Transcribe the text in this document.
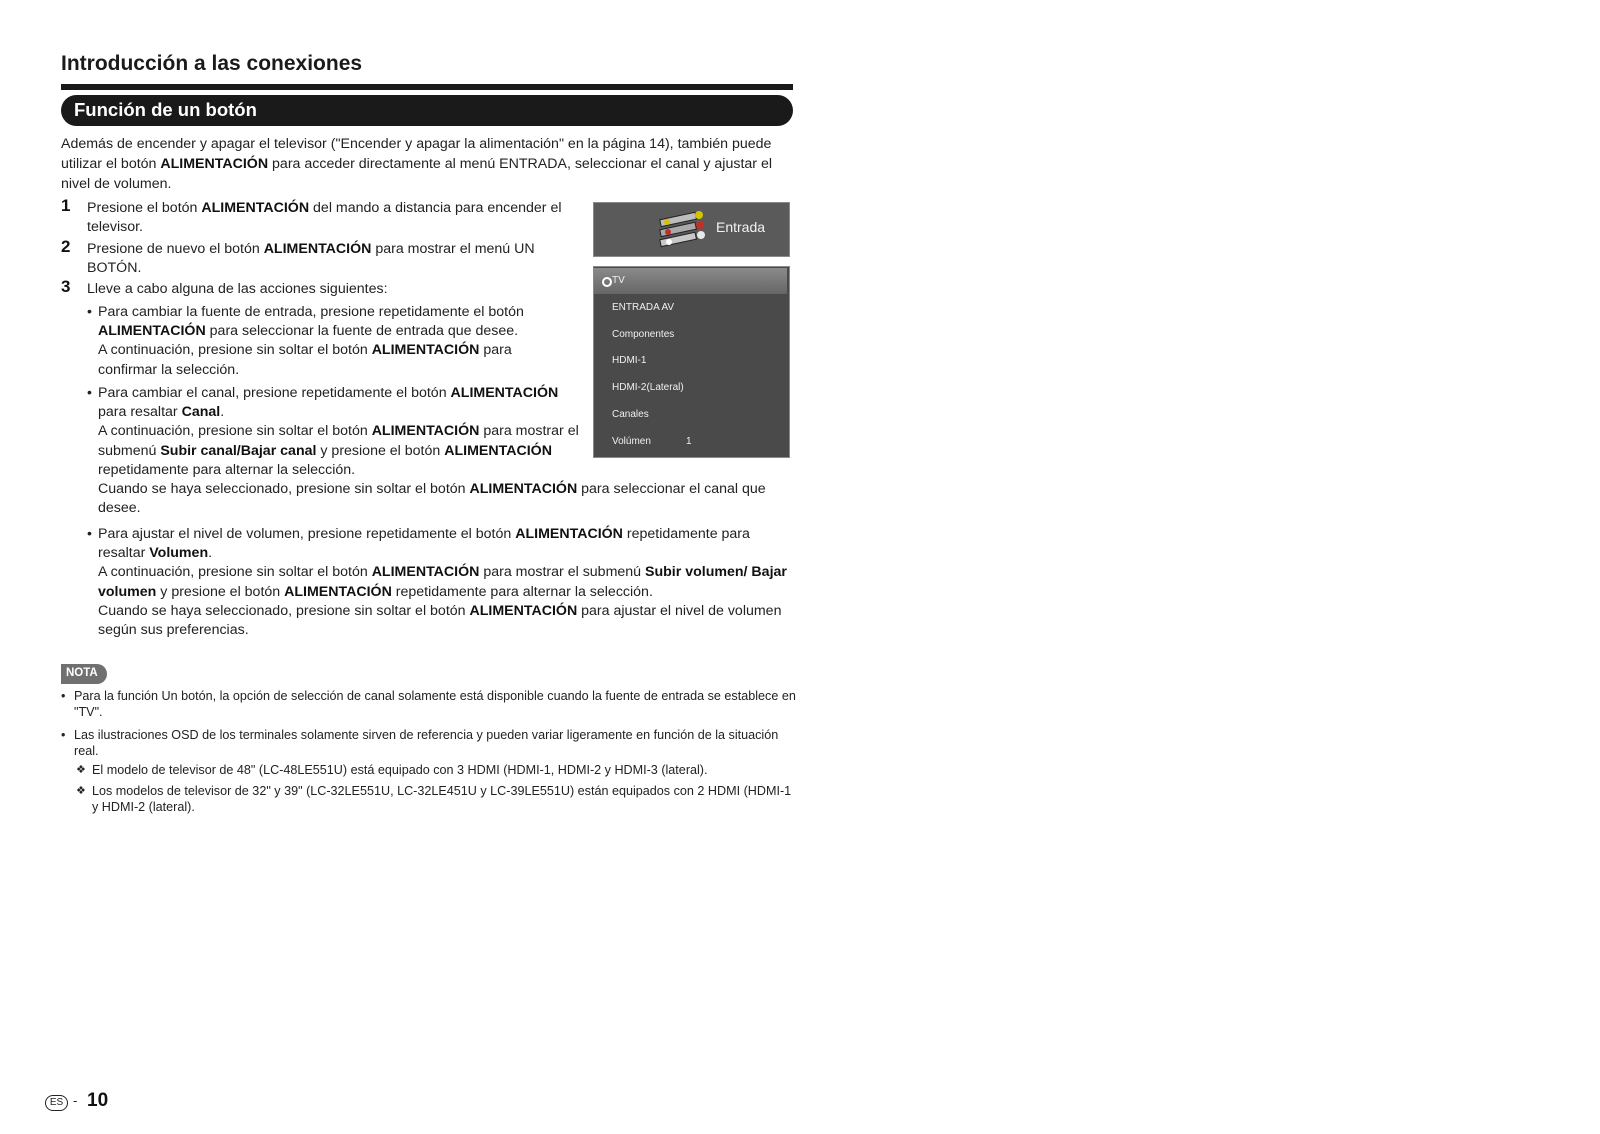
Introducción a las conexiones
Función de un botón

Además de encender y apagar el televisor ("Encender y apagar la alimentación" en la página 14), también puede utilizar el botón ALIMENTACIÓN para acceder directamente al menú ENTRADA, seleccionar el canal y ajustar el nivel de volumen.

1 Presione el botón ALIMENTACIÓN del mando a distancia para encender el televisor.

2 Presione de nuevo el botón ALIMENTACIÓN para mostrar el menú UN BOTÓN.

3 Lleve a cabo alguna de las acciones siguientes:

• Para cambiar la fuente de entrada, presione repetidamente el botón ALIMENTACIÓN para seleccionar la fuente de entrada que desee.
A continuación, presione sin soltar el botón ALIMENTACIÓN para confirmar la selección.
• Para cambiar el canal, presione repetidamente el botón ALIMENTACIÓN para resaltar Canal.
A continuación, presione sin soltar el botón ALIMENTACIÓN para mostrar el submenú Subir canal/Bajar canal y presione el botón ALIMENTACIÓN repetidamente para alternar la selección.
Cuando se haya seleccionado, presione sin soltar el botón ALIMENTACIÓN para seleccionar el canal que desee.
• Para ajustar el nivel de volumen, presione repetidamente el botón ALIMENTACIÓN repetidamente para resaltar Volumen.
A continuación, presione sin soltar el botón ALIMENTACIÓN para mostrar el submenú Subir volumen/ Bajar volumen y presione el botón ALIMENTACIÓN repetidamente para alternar la selección.
Cuando se haya seleccionado, presione sin soltar el botón ALIMENTACIÓN para ajustar el nivel de volumen según sus preferencias.
Entrada
TV
ENTRADA AV
Componentes
HDMI-1
HDMI-2(Lateral)
Canales
Volúmen	1
NOTA
• Para la función Un botón, la opción de selección de canal solamente está disponible cuando la fuente de entrada se establece en "TV".
• Las ilustraciones OSD de los terminales solamente sirven de referencia y pueden variar ligeramente en función de la situación real.
❖ El modelo de televisor de 48" (LC-48LE551U) está equipado con 3 HDMI (HDMI-1, HDMI-2 y HDMI-3 (lateral).
❖ Los modelos de televisor de 32" y 39" (LC-32LE551U, LC-32LE451U y LC-39LE551U) están equipados con 2 HDMI (HDMI-1 y HDMI-2 (lateral).
ES - 10
